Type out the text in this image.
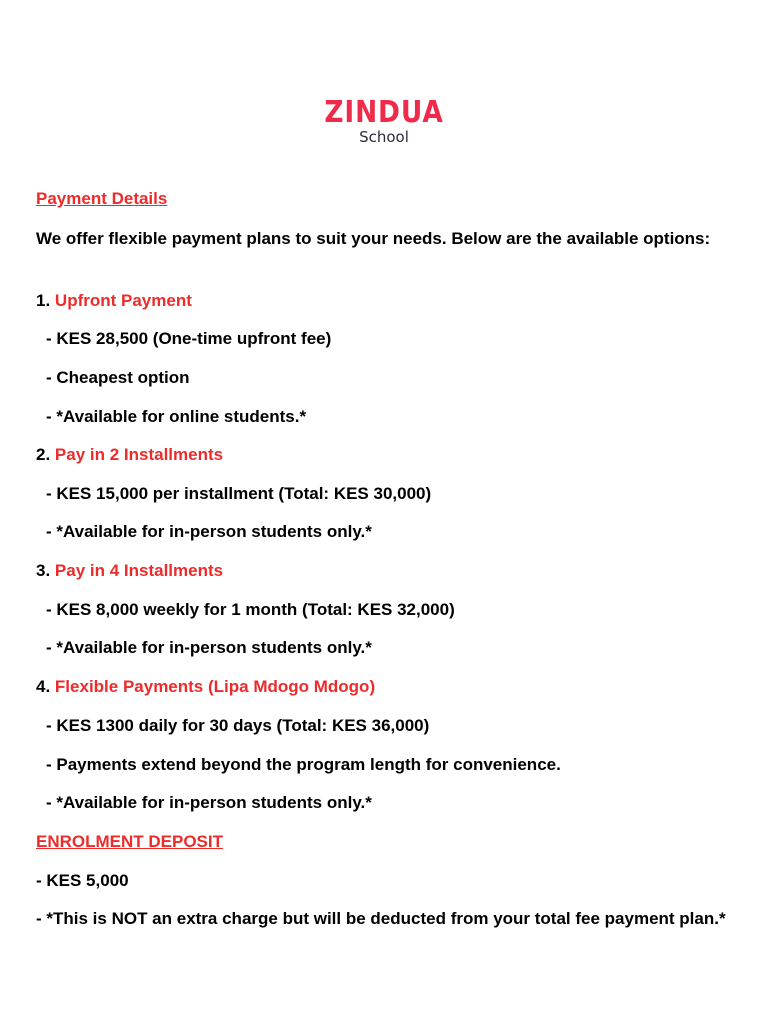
ZINDUA
School
Payment Details
We offer flexible payment plans to suit your needs. Below are the available options:
1. Upfront Payment
- KES 28,500 (One-time upfront fee)
- Cheapest option
- *Available for online students.*
2. Pay in 2 Installments
- KES 15,000 per installment (Total: KES 30,000)
- *Available for in-person students only.*
3. Pay in 4 Installments
- KES 8,000 weekly for 1 month (Total: KES 32,000)
- *Available for in-person students only.*
4. Flexible Payments (Lipa Mdogo Mdogo)
- KES 1300 daily for 30 days (Total: KES 36,000)
- Payments extend beyond the program length for convenience.
- *Available for in-person students only.*
ENROLMENT DEPOSIT
- KES 5,000
- *This is NOT an extra charge but will be deducted from your total fee payment plan.*
